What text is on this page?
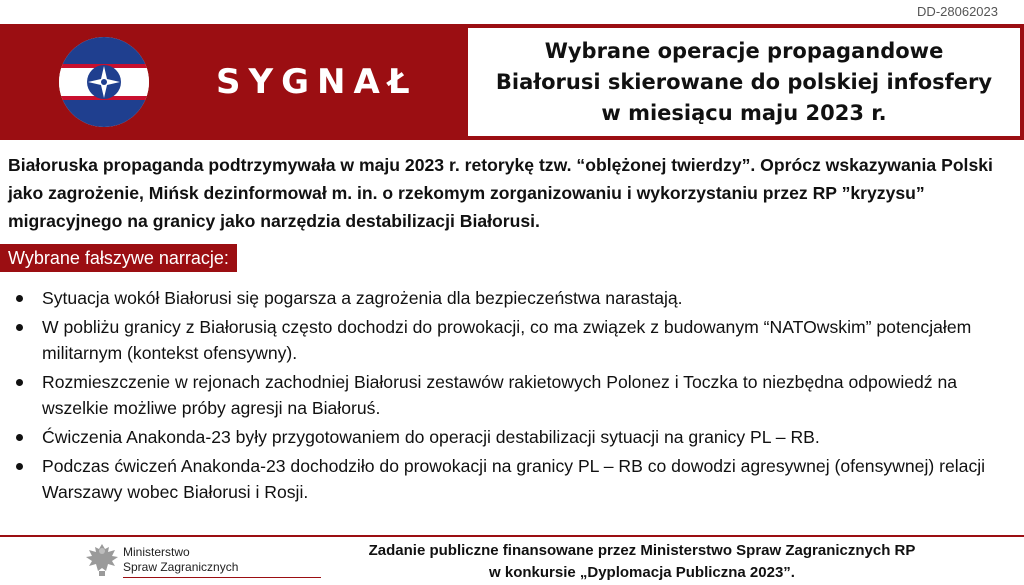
DD-28062023
SYGNAŁ
Wybrane operacje propagandowe
Białorusi skierowane do polskiej infosfery
w miesiącu maju 2023 r.
Białoruska propaganda podtrzymywała w maju 2023 r. retorykę tzw. “oblężonej twierdzy”. Oprócz wskazywania Polski jako zagrożenie, Mińsk dezinformował m. in. o rzekomym zorganizowaniu i wykorzystaniu przez RP ”kryzysu” migracyjnego na granicy jako narzędzia destabilizacji Białorusi.
Wybrane fałszywe narracje:
Sytuacja wokół Białorusi się pogarsza a zagrożenia dla bezpieczeństwa narastają.
W pobliżu granicy z Białorusią często dochodzi do prowokacji, co ma związek z budowanym “NATOwskim” potencjałem militarnym (kontekst ofensywny).
Rozmieszczenie w rejonach zachodniej Białorusi zestawów rakietowych Polonez i Toczka to niezbędna odpowiedź na wszelkie możliwe próby agresji na Białoruś.
Ćwiczenia Anakonda-23 były przygotowaniem do operacji destabilizacji sytuacji na granicy PL – RB.
Podczas ćwiczeń Anakonda-23 dochodziło do prowokacji na granicy PL – RB co dowodzi agresywnej (ofensywnej) relacji Warszawy wobec Białorusi i Rosji.
Ministerstwo
Spraw Zagranicznych
Zadanie publiczne finansowane przez Ministerstwo Spraw Zagranicznych RP
w konkursie „Dyplomacja Publiczna 2023”.
